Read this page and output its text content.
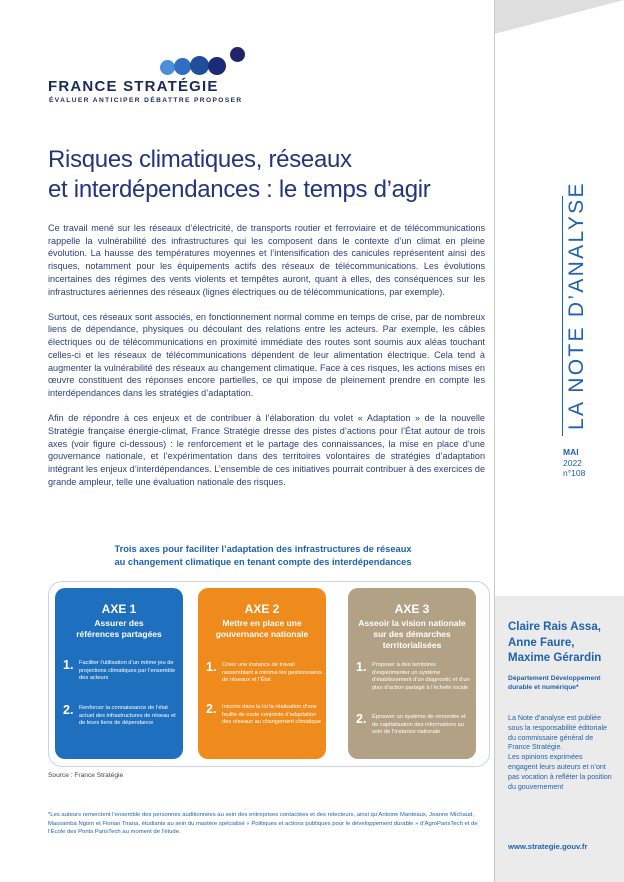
FRANCE STRATÉGIE
ÉVALUER ANTICIPER DÉBATTRE PROPOSER
Risques climatiques, réseaux
et interdépendances : le temps d’agir

Ce travail mené sur les réseaux d’électricité, de transports routier et ferroviaire et de télécommunications rappelle la vulnérabilité des infrastructures qui les composent dans le contexte d’un climat en pleine évolution. La hausse des températures moyennes et l’intensification des canicules représentent ainsi des risques, notamment pour les équipements actifs des réseaux de télécommunications. Les évolutions incertaines des régimes des vents violents et tempêtes auront, quant à elles, des conséquences sur les infrastructures aériennes des réseaux (lignes électriques ou de télécommunications, par exemple).

Surtout, ces réseaux sont associés, en fonctionnement normal comme en temps de crise, par de nombreux liens de dépendance, physiques ou découlant des relations entre les acteurs. Par exemple, les câbles électriques ou de télécommunications en proximité immédiate des routes sont soumis aux aléas touchant celles-ci et les réseaux de télécommunications dépendent de leur alimentation électrique. Cela tend à augmenter la vulnérabilité des réseaux au changement climatique. Face à ces risques, les actions mises en œuvre constituent des réponses encore partielles, ce qui impose de pleinement prendre en compte les interdépendances dans les stratégies d’adaptation.

Afin de répondre à ces enjeux et de contribuer à l’élaboration du volet « Adaptation » de la nouvelle Stratégie française énergie-climat, France Stratégie dresse des pistes d’actions pour l’État autour de trois axes (voir figure ci-dessous) : le renforcement et le partage des connaissances, la mise en place d’une gouvernance nationale, et l’expérimentation dans des territoires volontaires de stratégies d’adaptation intégrant les enjeux d’interdépendances. L’ensemble de ces initiatives pourrait contribuer à des exercices de grande ampleur, telle une évaluation nationale des risques.

Trois axes pour faciliter l’adaptation des infrastructures de réseaux
au changement climatique en tenant compte des interdépendances
AXE 1
Assurer des références partagées
1. Faciliter l’utilisation d’un même jeu de projections climatiques par l’ensemble des acteurs
2. Renforcer la connaissance de l’état actuel des infrastructures de réseau et de leurs liens de dépendance
AXE 2
Mettre en place une gouvernance nationale
1. Créer une instance de travail rassemblant a minima les gestionnaires de réseaux et l’État
2. Inscrire dans la loi la réalisation d’une feuille de route conjointe d’adaptation des réseaux au changement climatique
AXE 3
Asseoir la vision nationale sur des démarches territorialisées
1. Proposer à des territoires d’expérimenter un système d’établissement d’un diagnostic et d’un plan d’action partagé à l’échelle locale
2. Éprouver un système de remontée et de capitalisation des informations au sein de l’instance nationale
Source : France Stratégie
*Les auteurs remercient l’ensemble des personnes auditionnées au sein des entreprises contactées et des relecteurs, ainsi qu’Antoine Manteaux, Jeanne Michaud, Massamba Ngom et Florian Tirana, étudiants au sein du mastère spécialisé « Politiques et actions publiques pour le développement durable » d’AgroParisTech et de l’École des Ponts ParisTech au moment de l’étude.
LA NOTE D’ANALYSE
MAI
2022
n°108
Claire Rais Assa,
Anne Faure,
Maxime Gérardin
Département Développement durable et numérique*
La Note d’analyse est publiée sous la responsabilité éditoriale du commissaire général de France Stratégie.
Les opinions exprimées engagent leurs auteurs et n’ont pas vocation à refléter la position du gouvernement
www.strategie.gouv.fr
